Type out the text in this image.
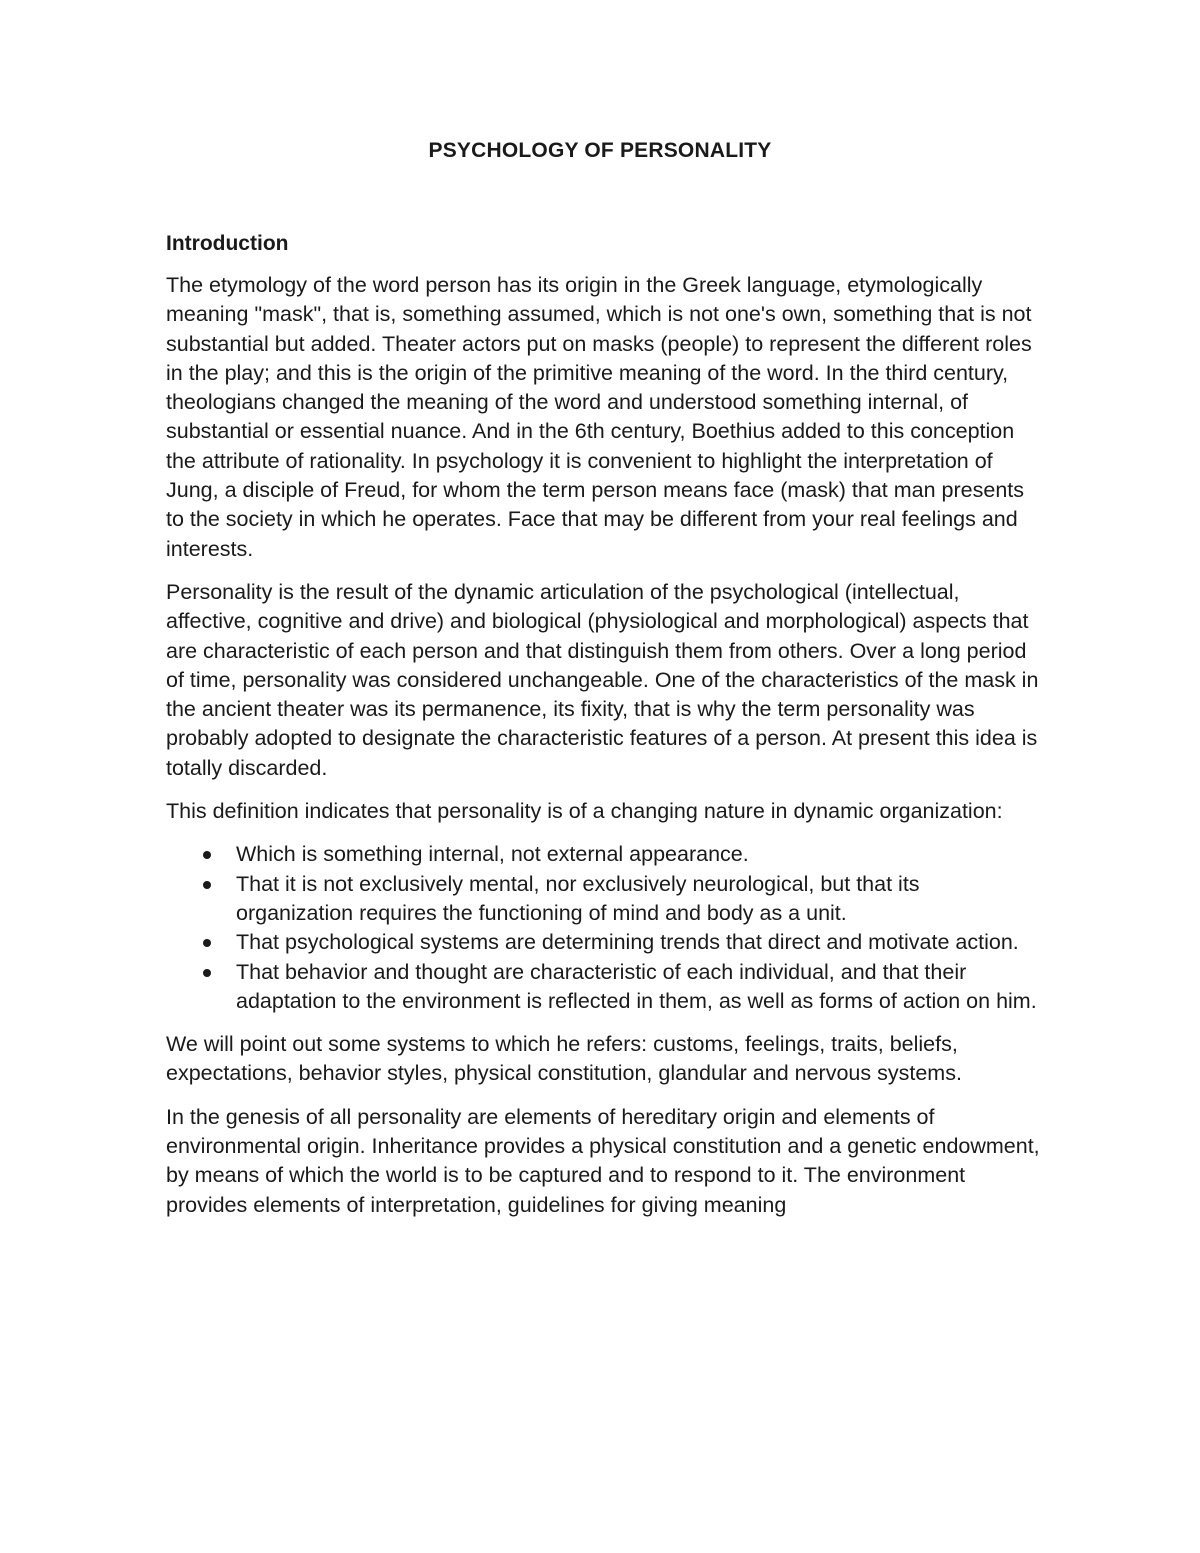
PSYCHOLOGY OF PERSONALITY
Introduction

The etymology of the word person has its origin in the Greek language, etymologically meaning "mask", that is, something assumed, which is not one's own, something that is not substantial but added. Theater actors put on masks (people) to represent the different roles in the play; and this is the origin of the primitive meaning of the word. In the third century, theologians changed the meaning of the word and understood something internal, of substantial or essential nuance. And in the 6th century, Boethius added to this conception the attribute of rationality. In psychology it is convenient to highlight the interpretation of Jung, a disciple of Freud, for whom the term person means face (mask) that man presents to the society in which he operates. Face that may be different from your real feelings and interests.

Personality is the result of the dynamic articulation of the psychological (intellectual, affective, cognitive and drive) and biological (physiological and morphological) aspects that are characteristic of each person and that distinguish them from others. Over a long period of time, personality was considered unchangeable. One of the characteristics of the mask in the ancient theater was its permanence, its fixity, that is why the term personality was probably adopted to designate the characteristic features of a person. At present this idea is totally discarded.

This definition indicates that personality is of a changing nature in dynamic organization:

Which is something internal, not external appearance.
That it is not exclusively mental, nor exclusively neurological, but that its organization requires the functioning of mind and body as a unit.
That psychological systems are determining trends that direct and motivate action.
That behavior and thought are characteristic of each individual, and that their adaptation to the environment is reflected in them, as well as forms of action on him.

We will point out some systems to which he refers: customs, feelings, traits, beliefs, expectations, behavior styles, physical constitution, glandular and nervous systems.

In the genesis of all personality are elements of hereditary origin and elements of environmental origin. Inheritance provides a physical constitution and a genetic endowment, by means of which the world is to be captured and to respond to it. The environment provides elements of interpretation, guidelines for giving meaning
